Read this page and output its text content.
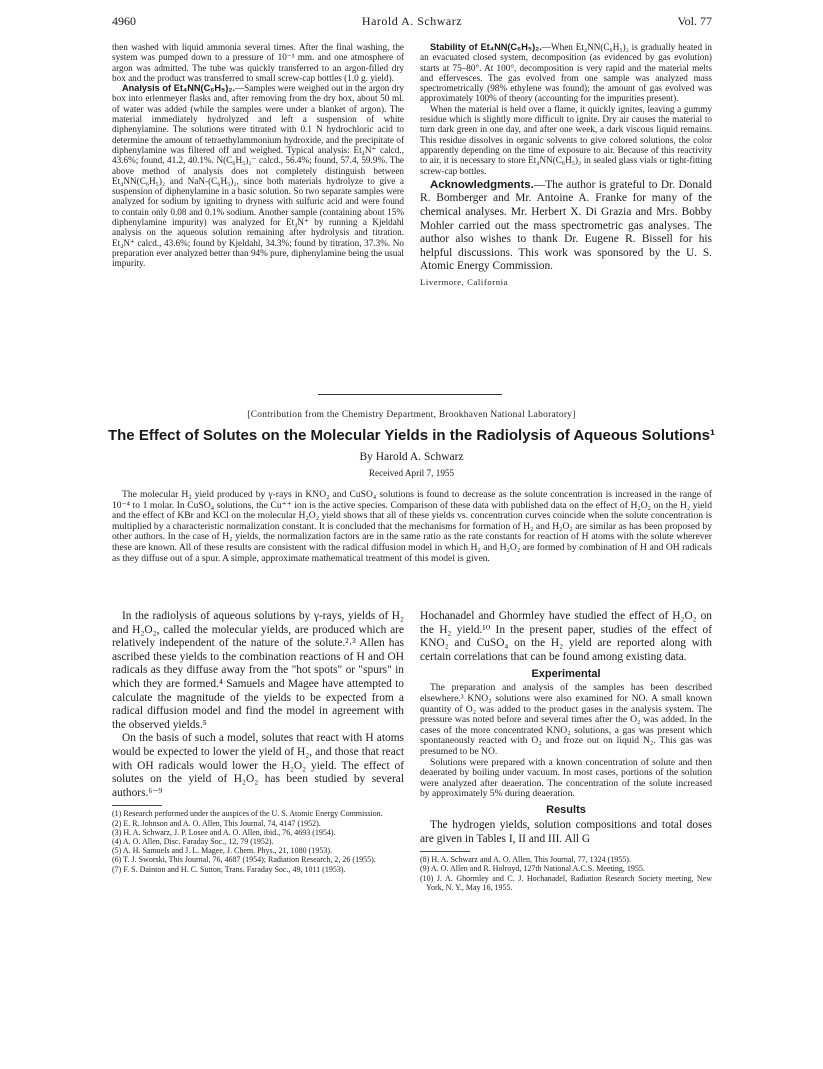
4960	Harold A. Schwarz	Vol. 77

then washed with liquid ammonia several times. After the final washing, the system was pumped down to a pressure of 10⁻³ mm. and one atmosphere of argon was admitted. The tube was quickly transferred to an argon-filled dry box and the product was transferred to small screw-cap bottles (1.0 g. yield).

Analysis of Et₄NN(C₆H₅)₂.—Samples were weighed out in the argon dry box into erlenmeyer flasks and, after removing from the dry box, about 50 ml. of water was added (while the samples were under a blanket of argon). The material immediately hydrolyzed and left a suspension of white diphenylamine. The solutions were titrated with 0.1 N hydrochloric acid to determine the amount of tetraethylammonium hydroxide, and the precipitate of diphenylamine was filtered off and weighed. Typical analysis: Et₄N⁺ calcd., 43.6%; found, 41.2, 40.1%. N(C₆H₅)₂⁻ calcd., 56.4%; found, 57.4, 59.9%. The above method of analysis does not completely distinguish between Et₄NN(C₆H₅)₂ and NaN-(C₆H₅)₂, since both materials hydrolyze to give a suspension of diphenylamine in a basic solution. So two separate samples were analyzed for sodium by igniting to dryness with sulfuric acid and were found to contain only 0.08 and 0.1% sodium. Another sample (containing about 15% diphenylamine impurity) was analyzed for Et₄N⁺ by running a Kjeldahl analysis on the aqueous solution remaining after hydrolysis and titration. Et₄N⁺ calcd., 43.6%; found by Kjeldahl, 34.3%; found by titration, 37.3%. No preparation ever analyzed better than 94% pure, diphenylamine being the usual impurity.

Stability of Et₄NN(C₆H₅)₂.—When Et₄NN(C₆H₅)₂ is gradually heated in an evacuated closed system, decomposition (as evidenced by gas evolution) starts at 75–80°. At 100°, decomposition is very rapid and the material melts and effervesces. The gas evolved from one sample was analyzed mass spectrometrically (98% ethylene was found); the amount of gas evolved was approximately 100% of theory (accounting for the impurities present).

When the material is held over a flame, it quickly ignites, leaving a gummy residue which is slightly more difficult to ignite. Dry air causes the material to turn dark green in one day, and after one week, a dark viscous liquid remains. This residue dissolves in organic solvents to give colored solutions, the color apparently depending on the time of exposure to air. Because of this reactivity to air, it is necessary to store Et₄NN(C₆H₅)₂ in sealed glass vials or tight-fitting screw-cap bottles.

Acknowledgments.—The author is grateful to Dr. Donald R. Bomberger and Mr. Antoine A. Franke for many of the chemical analyses. Mr. Herbert X. Di Grazia and Mrs. Bobby Mohler carried out the mass spectrometric gas analyses. The author also wishes to thank Dr. Eugene R. Bissell for his helpful discussions. This work was sponsored by the U. S. Atomic Energy Commission.

Livermore, California

[Contribution from the Chemistry Department, Brookhaven National Laboratory]
The Effect of Solutes on the Molecular Yields in the Radiolysis of Aqueous Solutions¹
By Harold A. Schwarz
Received April 7, 1955

The molecular H₂ yield produced by γ-rays in KNO₂ and CuSO₄ solutions is found to decrease as the solute concentration is increased in the range of 10⁻⁴ to 1 molar. In CuSO₄ solutions, the Cu⁺⁺ ion is the active species. Comparison of these data with published data on the effect of H₂O₂ on the H₂ yield and the effect of KBr and KCl on the molecular H₂O₂ yield shows that all of these yields vs. concentration curves coincide when the solute concentration is multiplied by a characteristic normalization constant. It is concluded that the mechanisms for formation of H₂ and H₂O₂ are similar as has been proposed by other authors. In the case of H₂ yields, the normalization factors are in the same ratio as the rate constants for reaction of H atoms with the solute wherever these are known. All of these results are consistent with the radical diffusion model in which H₂ and H₂O₂ are formed by combination of H and OH radicals as they diffuse out of a spur. A simple, approximate mathematical treatment of this model is given.

In the radiolysis of aqueous solutions by γ-rays, yields of H₂ and H₂O₂, called the molecular yields, are produced which are relatively independent of the nature of the solute.²˒³ Allen has ascribed these yields to the combination reactions of H and OH radicals as they diffuse away from the "hot spots" or "spurs" in which they are formed.⁴ Samuels and Magee have attempted to calculate the magnitude of the yields to be expected from a radical diffusion model and find the model in agreement with the observed yields.⁵

On the basis of such a model, solutes that react with H atoms would be expected to lower the yield of H₂, and those that react with OH radicals would lower the H₂O₂ yield. The effect of solutes on the yield of H₂O₂ has been studied by several authors.⁶⁻⁹

(1) Research performed under the auspices of the U. S. Atomic Energy Commission.
(2) E. R. Johnson and A. O. Allen, This Journal, 74, 4147 (1952).
(3) H. A. Schwarz, J. P. Losee and A. O. Allen, ibid., 76, 4693 (1954).
(4) A. O. Allen, Disc. Faraday Soc., 12, 79 (1952).
(5) A. H. Samuels and J. L. Magee, J. Chem. Phys., 21, 1080 (1953).
(6) T. J. Sworski, This Journal, 76, 4687 (1954); Radiation Research, 2, 26 (1955).
(7) F. S. Dainton and H. C. Sutton, Trans. Faraday Soc., 49, 1011 (1953).

Hochanadel and Ghormley have studied the effect of H₂O₂ on the H₂ yield.¹⁰ In the present paper, studies of the effect of KNO₂ and CuSO₄ on the H₂ yield are reported along with certain correlations that can be found among existing data.

Experimental

The preparation and analysis of the samples has been described elsewhere.³ KNO₂ solutions were also examined for NO. A small known quantity of O₂ was added to the product gases in the analysis system. The pressure was noted before and several times after the O₂ was added. In the cases of the more concentrated KNO₂ solutions, a gas was present which spontaneously reacted with O₂ and froze out on liquid N₂. This gas was presumed to be NO.

Solutions were prepared with a known concentration of solute and then deaerated by boiling under vacuum. In most cases, portions of the solution were analyzed after deaeration. The concentration of the solute increased by approximately 5% during deaeration.

Results

The hydrogen yields, solution compositions and total doses are given in Tables I, II and III. All G

(8) H. A. Schwarz and A. O. Allen, This Journal, 77, 1324 (1955).
(9) A. O. Allen and R. Holroyd, 127th National A.C.S. Meeting, 1955.
(10) J. A. Ghormley and C. J. Hochanadel, Radiation Research Society meeting, New York, N. Y., May 16, 1955.
